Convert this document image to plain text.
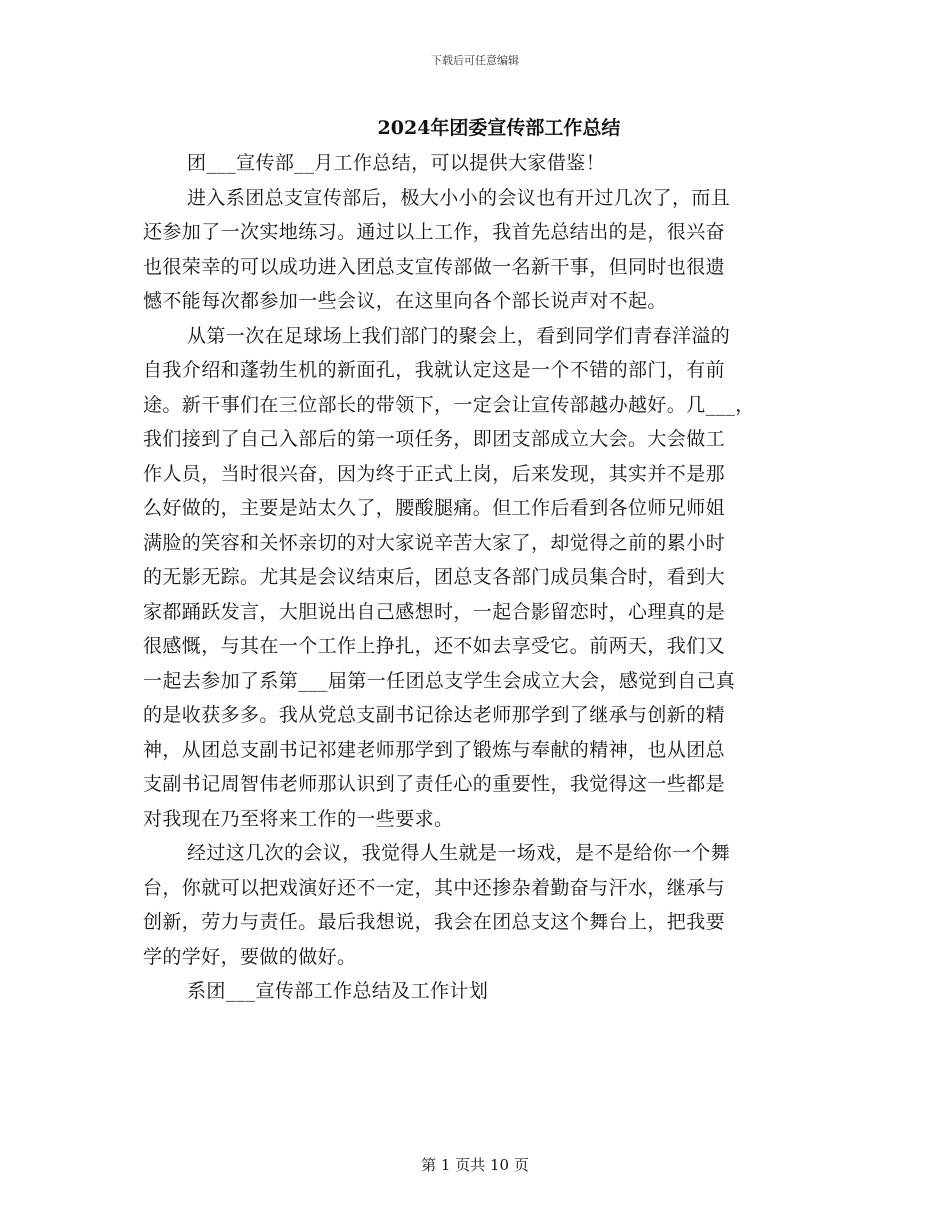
下载后可任意编辑
2024年团委宣传部工作总结
团___宣传部__月工作总结，可以提供大家借鉴！
进入系团总支宣传部后，极大小小的会议也有开过几次了，而且
还参加了一次实地练习。通过以上工作，我首先总结出的是，很兴奋
也很荣幸的可以成功进入团总支宣传部做一名新干事，但同时也很遗
憾不能每次都参加一些会议，在这里向各个部长说声对不起。
从第一次在足球场上我们部门的聚会上，看到同学们青春洋溢的
自我介绍和蓬勃生机的新面孔，我就认定这是一个不错的部门，有前
途。新干事们在三位部长的带领下，一定会让宣传部越办越好。几___，
我们接到了自己入部后的第一项任务，即团支部成立大会。大会做工
作人员，当时很兴奋，因为终于正式上岗，后来发现，其实并不是那
么好做的，主要是站太久了，腰酸腿痛。但工作后看到各位师兄师姐
满脸的笑容和关怀亲切的对大家说辛苦大家了，却觉得之前的累小时
的无影无踪。尤其是会议结束后，团总支各部门成员集合时，看到大
家都踊跃发言，大胆说出自己感想时，一起合影留恋时，心理真的是
很感慨，与其在一个工作上挣扎，还不如去享受它。前两天，我们又
一起去参加了系第___届第一任团总支学生会成立大会，感觉到自己真
的是收获多多。我从党总支副书记徐达老师那学到了继承与创新的精
神，从团总支副书记祁建老师那学到了锻炼与奉献的精神，也从团总
支副书记周智伟老师那认识到了责任心的重要性，我觉得这一些都是
对我现在乃至将来工作的一些要求。
经过这几次的会议，我觉得人生就是一场戏，是不是给你一个舞
台，你就可以把戏演好还不一定，其中还掺杂着勤奋与汗水，继承与
创新，劳力与责任。最后我想说，我会在团总支这个舞台上，把我要
学的学好，要做的做好。
系团___宣传部工作总结及工作计划
第 1 页共 10 页
